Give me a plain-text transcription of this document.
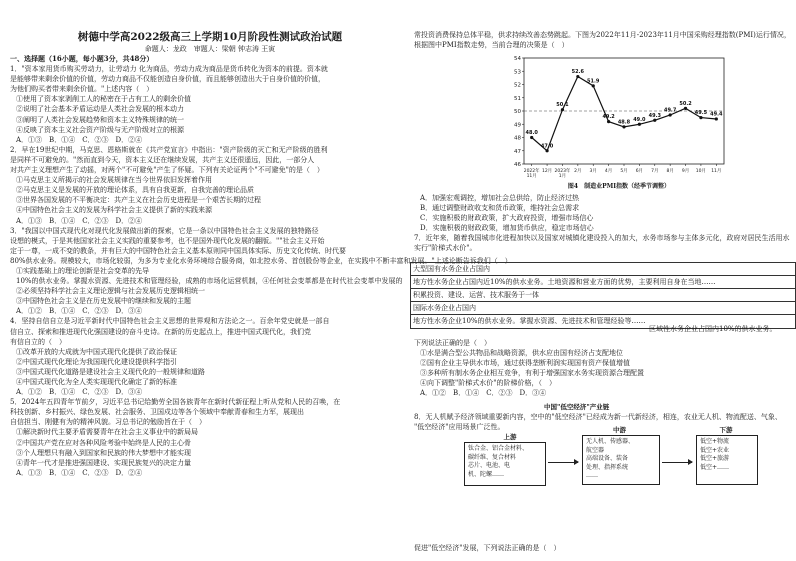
树德中学高2022级高三上学期10月阶段性测试政治试题
命题人：龙政　审题人：梁朝 钟志涛 王寅
一、选择题（16小题，每小题3分，共48分）

1．"资本家用货币购买劳动力，让劳动力 化为商品，劳动力成为商品是货币转化为资本的前提。资本就

是能够带来剩余价值的价值，劳动力商品不仅能创造自身价值，而且能够创造出大于自身价值的价值，

为他们购买者带来剩余价值。"上述内容（　）

①使用了资本家剥削工人的秘密在于占有工人的剩余价值

②说明了社会基本矛盾运动是人类社会发展的根本动力

③阐明了人类社会发展趋势和资本主义特殊规律的统一

④反映了资本主义社会资产阶级与无产阶级对立的根源

A．①③　B．①④　C．②③　D．②④

2．早在19世纪中期，马克思、恩格斯就在《共产党宣言》中指出："资产阶级的灭亡和无产阶级的胜利

是同样不可避免的。"然而直到今天，资本主义还在继续发展，共产主义还很遥远，因此，一部分人

对共产主义理想产生了动摇，对两个"不可避免"产生了怀疑。下列有关论证两个"不可避免"的是（　）

①马克思主义所揭示的社会发展规律在当今世界依旧发挥着作用

②马克思主义是发展的开放的理论体系，具有自我更新，自我完善的理论品质

③世界各国发展的不平衡决定：共产主义在社会历史进程是一个艰苦长期的过程

④中国特色社会主义的发展为科学社会主义提供了新的实践来源

A．①③　B．①④　C．②③　D．②④

3．"我国以中国式现代化对现代化发展做出新的探索，它是一条以中国特色社会主义发展的独特路径

设想的模式，于是其他国家社会主义实践的重要参考，也不是国外现代化发展的翻版。""社会主义开始

定于一尊，一成不变的教条，并有巨大的中国特色社会主义基本原则同中国具体实际、历史文化传统、时代要

80%供水业务。规模较大，市场化较弱，为多为专业化水务环境综合服务商，如北控水务、首创股份等企业，在实践中不断丰富和发展。"上述论断告诉我们（　）

①实践基础上的理论创新是社会变革的先导

10%的供水业务。掌握水资源、先进技术和管理经验，成熟的市场化运营机制，④任何社会变革都是在时代社会变革中发展的

②必须坚持科学社会主义理论逻辑与社会发展历史逻辑相统一

③中国特色社会主义是在历史发展中的继续和发展的主题

A．①②　B．①④　C．②③　D．③④

4．坚持自信自立是习近平新时代中国特色社会主义思想的世界观和方法论之一。百余年党史就是一部自

信自立、探索和推进现代化强国建设的奋斗史诗。在新的历史起点上，推进中国式现代化，我们党

有信自立的（　）

①改革开放的大成就为中国式现代化提供了政治保证

②中国式现代化理论为我国现代化建设提供科学指引

③中国式现代化道路是建设社会主义现代化的一般规律和道路

④中国式现代化为全人类实现现代化确定了新的标准

A．①②　B．①④　C．②③　D．③④

5．2024年五四青年节前夕，习近平总书记给勤劳全国各族青年在新时代新征程上听从党和人民的召唤，在

科技创新、乡村振兴、绿色发展、社会服务、卫国戍边等各个领域中奉献青春和生力军，展现出

自信担当、刚健有为的精神风貌。习总书记的勉励旨在于（　）

①解决新时代主要矛盾需要青年在社会主义事业中的新局局

②中国共产党在应对各种风险考验中始终是人民的主心骨

③个人理想只有融入到国家和民族的伟大梦想中才能实现

④青年一代才是推进强国建设、实现民族复兴的决定力量

A．①③　B．①④　C．②③　D．②④

常投资消费保持总体平稳，供求持续改善态势跳起。下图为2022年11月-2023年11月中国采购经理指数(PMI)运行情况，

根据图中PMI指数走势，当前合理的决策是（　）

46
47
48
49
50
51
52
53
54
48.0
47.0
50.1
52.6
51.9
49.2
48.8 49.0
49.3
49.7
50.2
49.5 49.4
2022年 11月
12月 2023年 1月
2月 3月 4月 5月 6月 7月 8月 9月 10月 11月
图4　制造业PMI指数（经季节调整）

A．加强宏观调控，增加社会总供给，防止经济过热

B．通过调整财政收支和货币政策，维持社会总需求

C．实施积极的财政政策，扩大政府投资，增强市场信心

D．实施积极的财政政策，增加货币供应，稳定市场信心

7．近年来，随着我国城市化进程加快以及国家对城镇化建设投入的加大，水务市场参与主体多元化，政府对居民生活用水

实行"阶梯式水价"。

大型国有水务企业占国内
地方性水务企业占国内近10%的供水业务。土地资源和营业方面的优势，主要利用自身在当地……
积累投资、建设、运营、技术服务于一体
国际水务企业占国内
地方性水务企业10%的供水业务。掌握水资源、先进技术和管理经验等……

区域性水务企业占国内10%的供水业务。

下列说法正确的是（　）

①水是满合型公共物品和战略资源，供水应由国有经济占支配地位

②国有企业主导供水市场，通过获得垄断利润实现国有资产保值增值

③多种所有制水务企业相互竞争，有利于增强国家水务实现资源合理配置

④向下调整"阶梯式水价"的阶梯价格，（　）

A．①②　B．①④　C．②③　D．③④

8．无人机赋予经济领域重要新内容，空中的"低空经济"已经成为新一代新经济，相连，农业无人机、物流配送、气象、

"低空经济"应用场景广泛性。

中国"低空经济"产业链
上游
钛合金、铝合金材料、
碳纤维、复合材料
芯片、电池、电
机、陀螺……
中游
无人机、传感器、
航空器
高端设备、装备
处理、指挥系统
……
下游
低空+物流
低空+农业
低空+旅游
低空+……

促进"低空经济"发展，下列说法正确的是（　）
